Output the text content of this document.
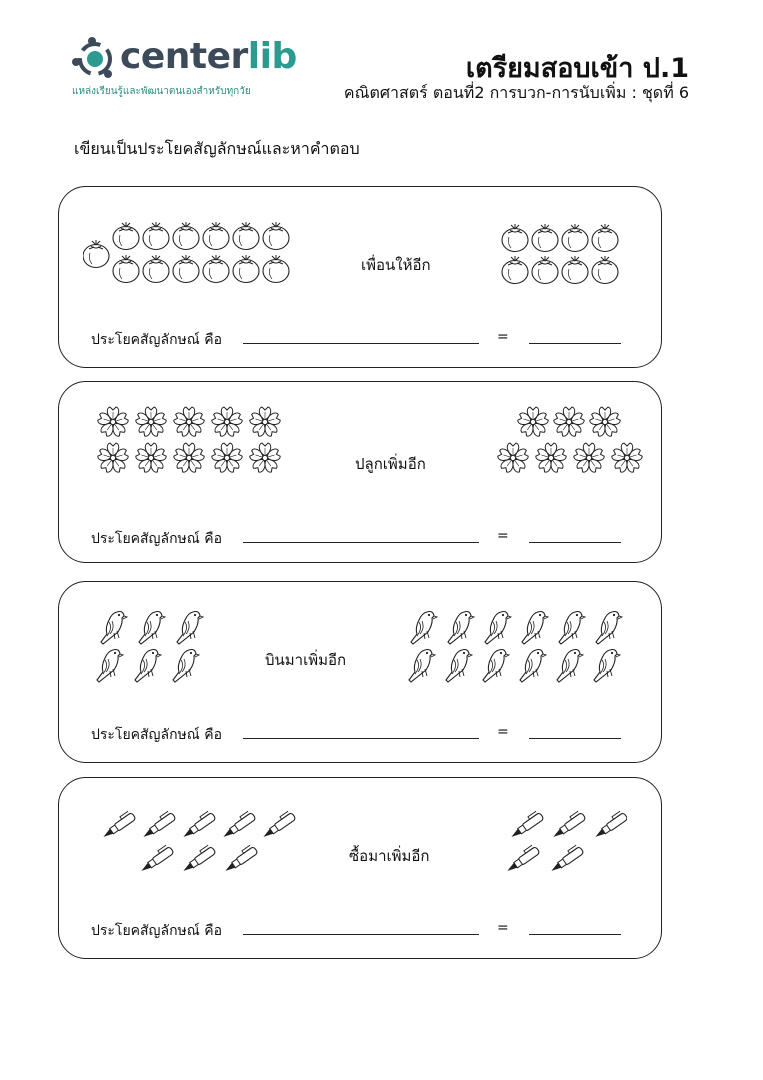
centerlib
แหล่งเรียนรู้และพัฒนาตนเองสำหรับทุกวัย
เตรียมสอบเข้า ป.1
คณิตศาสตร์ ตอนที่2 การบวก-การนับเพิ่ม : ชุดที่ 6
เขียนเป็นประโยคสัญลักษณ์และหาคำตอบ
เพื่อนให้อีก
ประโยคสัญลักษณ์ คือ	=
ปลูกเพิ่มอีก
ประโยคสัญลักษณ์ คือ	=
บินมาเพิ่มอีก
ประโยคสัญลักษณ์ คือ	=
ซื้อมาเพิ่มอีก
ประโยคสัญลักษณ์ คือ	=
